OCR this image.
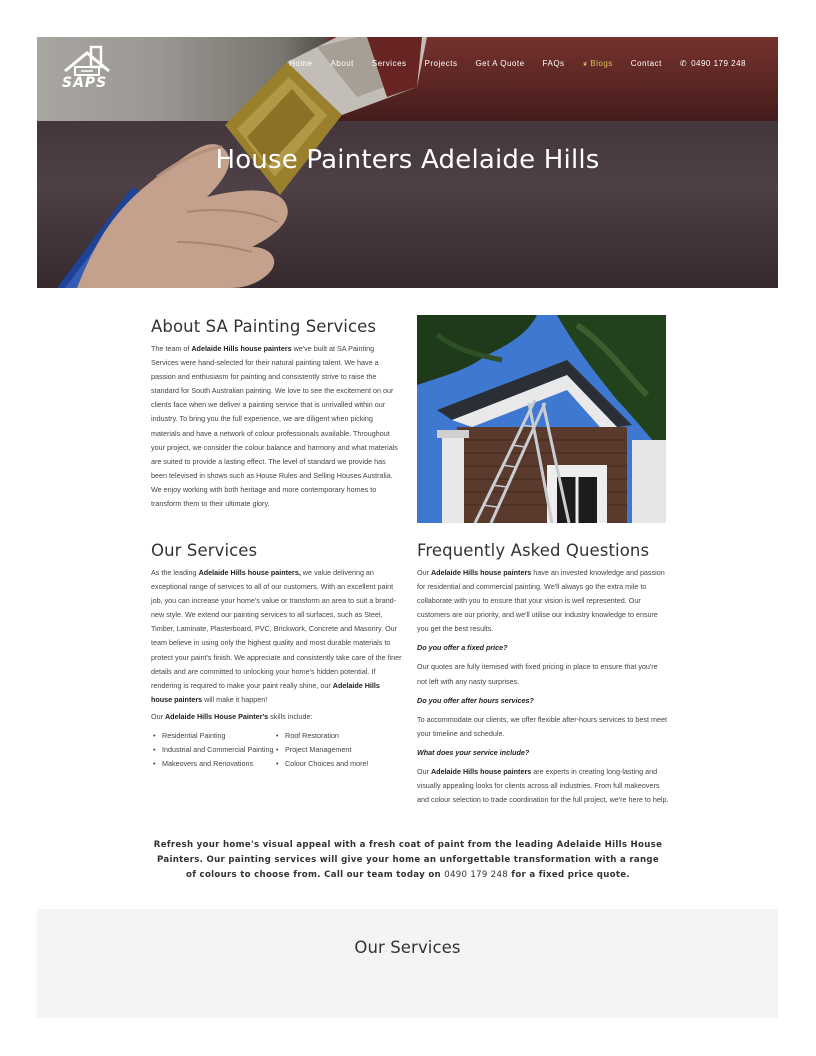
SAPS
Home About Services Projects Get A Quote FAQs
❦	Blogs Contact ✆ 0490 179 248
House Painters Adelaide Hills
About SA Painting Services

The team of Adelaide Hills house painters we've built at SA Painting Services were hand-selected for their natural painting talent. We have a passion and enthusiasm for painting and consistently strive to raise the standard for South Australian painting. We love to see the excitement on our clients face when we deliver a painting service that is unrivalled within our industry. To bring you the full experience, we are diligent when picking materials and have a network of colour professionals available. Throughout your project, we consider the colour balance and harmony and what materials are suited to provide a lasting effect. The level of standard we provide has been televised in shows such as House Rules and Selling Houses Australia. We enjoy working with both heritage and more contemporary homes to transform them to their ultimate glory.

Our Services

As the leading Adelaide Hills house painters, we value delivering an exceptional range of services to all of our customers. With an excellent paint job, you can increase your home's value or transform an area to suit a brand-new style. We extend our painting services to all surfaces, such as Steel, Timber, Laminate, Plasterboard, PVC, Brickwork, Concrete and Masonry. Our team believe in using only the highest quality and most durable materials to protect your paint's finish. We appreciate and consistently take care of the finer details and are committed to unlocking your home's hidden potential. If rendering is required to make your paint really shine, our Adelaide Hills house painters will make it happen!

Our Adelaide Hills House Painter's skills include:

• Residential Painting
• Industrial and Commercial Painting
• Makeovers and Renovations
• Roof Restoration
• Project Management
• Colour Choices and more!
Frequently Asked Questions

Our Adelaide Hills house painters have an invested knowledge and passion for residential and commercial painting. We'll always go the extra mile to collaborate with you to ensure that your vision is well represented. Our customers are our priority, and we'll utilise our industry knowledge to ensure you get the best results.

Do you offer a fixed price?

Our quotes are fully itemised with fixed pricing in place to ensure that you're not left with any nasty surprises.

Do you offer after hours services?

To accommodate our clients, we offer flexible after-hours services to best meet your timeline and schedule.

What does your service include?

Our Adelaide Hills house painters are experts in creating long-lasting and visually appealing looks for clients across all industries. From full makeovers and colour selection to trade coordination for the full project, we're here to help.

Refresh your home's visual appeal with a fresh coat of paint from the leading Adelaide Hills House Painters. Our painting services will give your home an unforgettable transformation with a range of colours to choose from. Call our team today on 0490 179 248 for a fixed price quote.

Our Services
